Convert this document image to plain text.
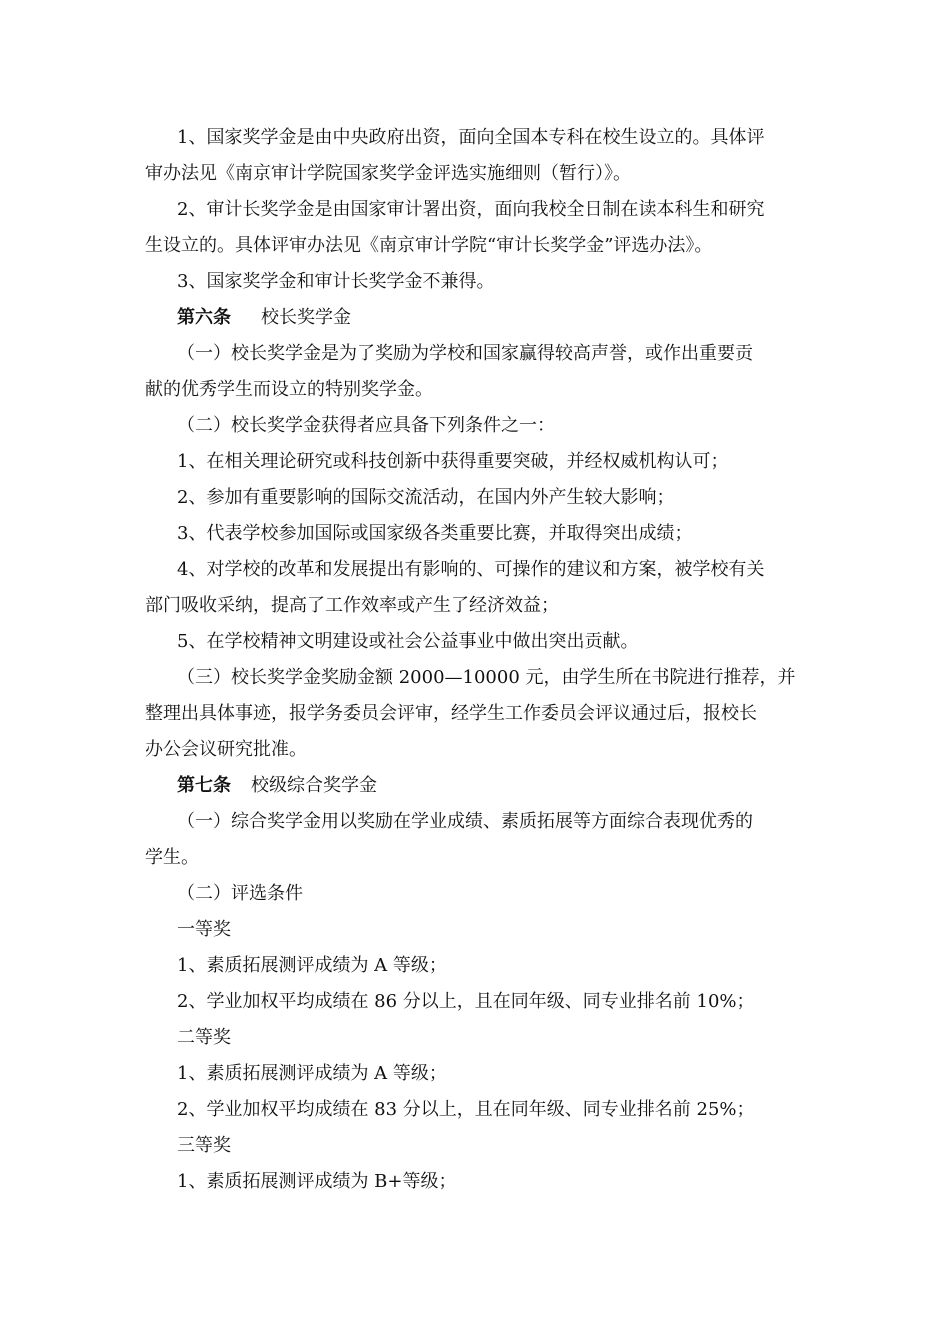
1、国家奖学金是由中央政府出资，面向全国本专科在校生设立的。具体评
审办法见《南京审计学院国家奖学金评选实施细则（暂行）》。
2、审计长奖学金是由国家审计署出资，面向我校全日制在读本科生和研究
生设立的。具体评审办法见《南京审计学院“审计长奖学金”评选办法》。
3、国家奖学金和审计长奖学金不兼得。
第六条 校长奖学金
（一）校长奖学金是为了奖励为学校和国家赢得较高声誉，或作出重要贡
献的优秀学生而设立的特别奖学金。
（二）校长奖学金获得者应具备下列条件之一：
1、在相关理论研究或科技创新中获得重要突破，并经权威机构认可；
2、参加有重要影响的国际交流活动，在国内外产生较大影响；
3、代表学校参加国际或国家级各类重要比赛，并取得突出成绩；
4、对学校的改革和发展提出有影响的、可操作的建议和方案，被学校有关
部门吸收采纳，提高了工作效率或产生了经济效益；
5、在学校精神文明建设或社会公益事业中做出突出贡献。
（三）校长奖学金奖励金额 2000—10000 元，由学生所在书院进行推荐，并
整理出具体事迹，报学务委员会评审，经学生工作委员会评议通过后，报校长
办公会议研究批准。
第七条 校级综合奖学金
（一）综合奖学金用以奖励在学业成绩、素质拓展等方面综合表现优秀的
学生。
（二）评选条件
一等奖
1、素质拓展测评成绩为 A 等级；
2、学业加权平均成绩在 86 分以上，且在同年级、同专业排名前 10%；
二等奖
1、素质拓展测评成绩为 A 等级；
2、学业加权平均成绩在 83 分以上，且在同年级、同专业排名前 25%；
三等奖
1、素质拓展测评成绩为 B+等级；
